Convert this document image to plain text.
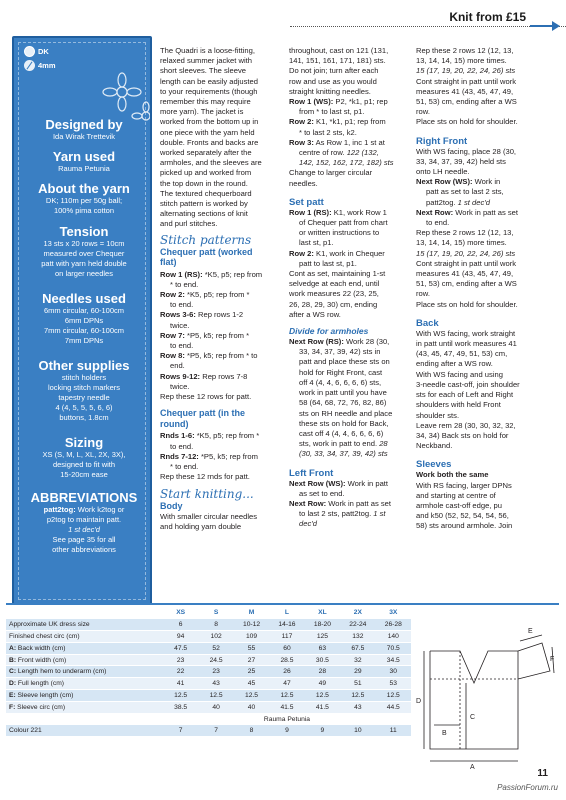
Knit from £15
DK
4mm
Designed by
Ida Wirak Trettevik
Yarn used
Rauma Petunia
About the yarn
DK; 110m per 50g ball;
100% pima cotton
Tension
13 sts x 20 rows = 10cm
measured over Chequer
patt with yarn held double
on larger needles
Needles used
6mm circular, 60-100cm
6mm DPNs
7mm circular, 60-100cm
7mm DPNs
Other supplies
stitch holders
locking stitch markers
tapestry needle
4 (4, 5, 5, 5, 6, 6)
buttons, 1.8cm
Sizing
XS (S, M, L, XL, 2X, 3X),
designed to fit with
15-20cm ease
ABBREVIATIONS
patt2tog: Work k2tog or
p2tog to maintain patt.
1 st dec'd
See page 35 for all
other abbreviations

The Quadri is a loose-fitting,

relaxed summer jacket with

short sleeves. The sleeve

length can be easily adjusted

to your requirements (though

remember this may require

more yarn). The jacket is

worked from the bottom up in

one piece with the yarn held

double. Fronts and backs are

worked separately after the

armholes, and the sleeves are

picked up and worked from

the top down in the round.

The textured chequerboard

stitch pattern is worked by

alternating sections of knit

and purl stitches.

Stitch patterns
Chequer patt (worked
flat)

Row 1 (RS): *K5, p5; rep from

* to end.

Row 2: *K5, p5; rep from *

to end.

Rows 3-6: Rep rows 1-2

twice.

Row 7: *P5, k5; rep from *

to end.

Row 8: *P5, k5; rep from * to

end.

Rows 9-12: Rep rows 7-8

twice.

Rep these 12 rows for patt.

Chequer patt (in the
round)

Rnds 1-6: *K5, p5; rep from *

to end.

Rnds 7-12: *P5, k5; rep from

* to end.

Rep these 12 rnds for patt.

Start knitting...
Body

With smaller circular needles

and holding yarn double

throughout, cast on 121 (131,

141, 151, 161, 171, 181) sts.

Do not join; turn after each

row and use as you would

straight knitting needles.

Row 1 (WS): P2, *k1, p1; rep

from * to last st, p1.

Row 2: K1, *k1, p1; rep from

* to last 2 sts, k2.

Row 3: As Row 1, inc 1 st at

centre of row. 122 (132,

142, 152, 162, 172, 182) sts

Change to larger circular

needles.

Set patt

Row 1 (RS): K1, work Row 1

of Chequer patt from chart

or written instructions to

last st, p1.

Row 2: K1, work in Chequer

patt to last st, p1.

Cont as set, maintaining 1-st

selvedge at each end, until

work measures 22 (23, 25,

26, 28, 29, 30) cm, ending

after a WS row.

Divide for armholes

Next Row (RS): Work 28 (30,

33, 34, 37, 39, 42) sts in

patt and place these sts on

hold for Right Front, cast

off 4 (4, 4, 6, 6, 6, 6) sts,

work in patt until you have

58 (64, 68, 72, 76, 82, 86)

sts on RH needle and place

these sts on hold for Back,

cast off 4 (4, 4, 6, 6, 6, 6)

sts, work in patt to end. 28

(30, 33, 34, 37, 39, 42) sts

Left Front

Next Row (WS): Work in patt

as set to end.

Next Row: Work in patt as set

to last 2 sts, patt2tog. 1 st

dec'd

Rep these 2 rows 12 (12, 13,

13, 14, 14, 15) more times.

15 (17, 19, 20, 22, 24, 26) sts

Cont straight in patt until work

measures 41 (43, 45, 47, 49,

51, 53) cm, ending after a WS

row.

Place sts on hold for shoulder.

Right Front

With WS facing, place 28 (30,

33, 34, 37, 39, 42) held sts

onto LH needle.

Next Row (WS): Work in

patt as set to last 2 sts,

patt2tog. 1 st dec'd

Next Row: Work in patt as set

to end.

Rep these 2 rows 12 (12, 13,

13, 14, 14, 15) more times.

15 (17, 19, 20, 22, 24, 26) sts

Cont straight in patt until work

measures 41 (43, 45, 47, 49,

51, 53) cm, ending after a WS

row.

Place sts on hold for shoulder.

Back

With WS facing, work straight

in patt until work measures 41

(43, 45, 47, 49, 51, 53) cm,

ending after a WS row.

With WS facing and using

3-needle cast-off, join shoulder

sts for each of Left and Right

shoulders with held Front

shoulder sts.

Leave rem 28 (30, 30, 32, 32,

34, 34) Back sts on hold for

Neckband.

Sleeves

Work both the same

With RS facing, larger DPNs

and starting at centre of

armhole cast-off edge, pu

and k50 (52, 52, 54, 54, 56,

58) sts around armhole. Join

	XS	S	M	L	XL	2X	3X
Approximate UK dress size	6	8	10-12	14-16	18-20	22-24	26-28
Finished chest circ (cm)	94	102	109	117	125	132	140
A: Back width (cm)	47.5	52	55	60	63	67.5	70.5
B: Front width (cm)	23	24.5	27	28.5	30.5	32	34.5
C: Length hem to underarm (cm)	22	23	25	26	28	29	30
D: Full length (cm)	41	43	45	47	49	51	53
E: Sleeve length (cm)	12.5	12.5	12.5	12.5	12.5	12.5	12.5
F: Sleeve circ (cm)	38.5	40	40	41.5	41.5	43	44.5
	Rauma Petunia						
Colour 221	7	7	8	9	9	10	11
A
B
C
D
E
F
11
PassionForum.ru
